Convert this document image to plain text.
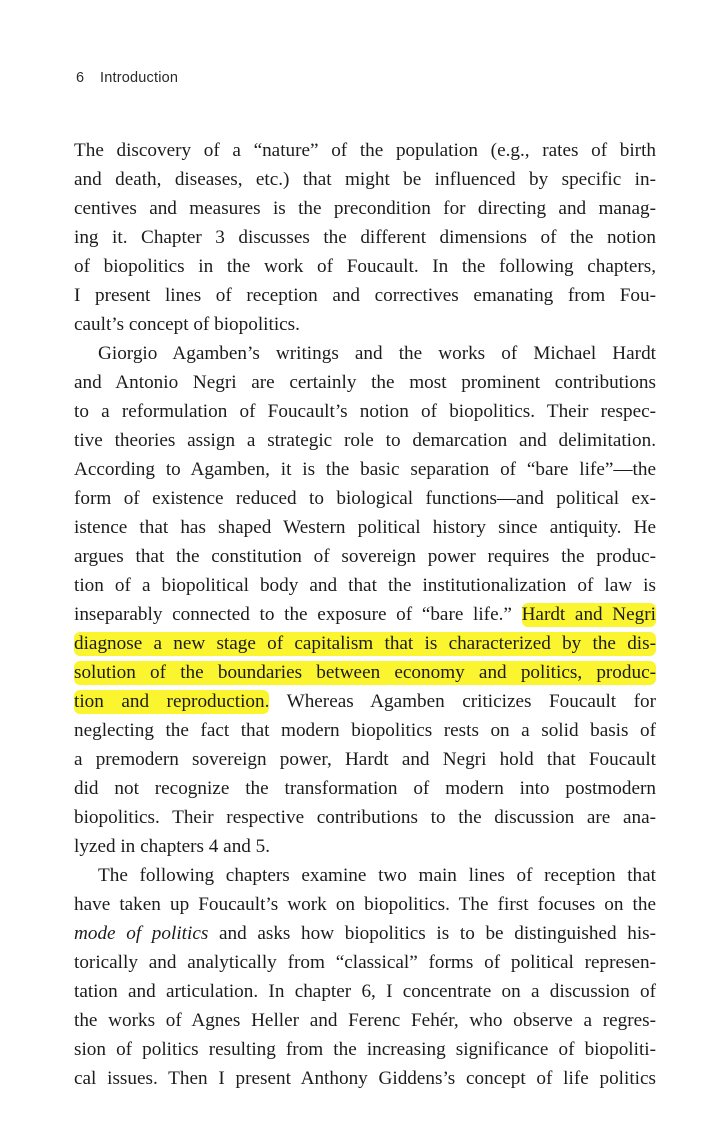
6 Introduction
The discovery of a “nature” of the population (e.g., rates of birth
and death, diseases, etc.) that might be influenced by specific in-
centives and measures is the precondition for directing and manag-
ing it. Chapter 3 discusses the different dimensions of the notion
of biopolitics in the work of Foucault. In the following chapters,
I present lines of reception and correctives emanating from Fou-
cault’s concept of biopolitics.
Giorgio Agamben’s writings and the works of Michael Hardt
and Antonio Negri are certainly the most prominent contributions
to a reformulation of Foucault’s notion of biopolitics. Their respec-
tive theories assign a strategic role to demarcation and delimitation.
According to Agamben, it is the basic separation of “bare life”—the
form of existence reduced to biological functions—and political ex-
istence that has shaped Western political history since antiquity. He
argues that the constitution of sovereign power requires the produc-
tion of a biopolitical body and that the institutionalization of law is
inseparably connected to the exposure of “bare life.” Hardt and Negri
diagnose a new stage of capitalism that is characterized by the dis-
solution of the boundaries between economy and politics, produc-
tion and reproduction. Whereas Agamben criticizes Foucault for
neglecting the fact that modern biopolitics rests on a solid basis of
a premodern sovereign power, Hardt and Negri hold that Foucault
did not recognize the transformation of modern into postmodern
biopolitics. Their respective contributions to the discussion are ana-
lyzed in chapters 4 and 5.
The following chapters examine two main lines of reception that
have taken up Foucault’s work on biopolitics. The first focuses on the
mode of politics and asks how biopolitics is to be distinguished his-
torically and analytically from “classical” forms of political represen-
tation and articulation. In chapter 6, I concentrate on a discussion of
the works of Agnes Heller and Ferenc Fehér, who observe a regres-
sion of politics resulting from the increasing significance of biopoliti-
cal issues. Then I present Anthony Giddens’s concept of life politics
